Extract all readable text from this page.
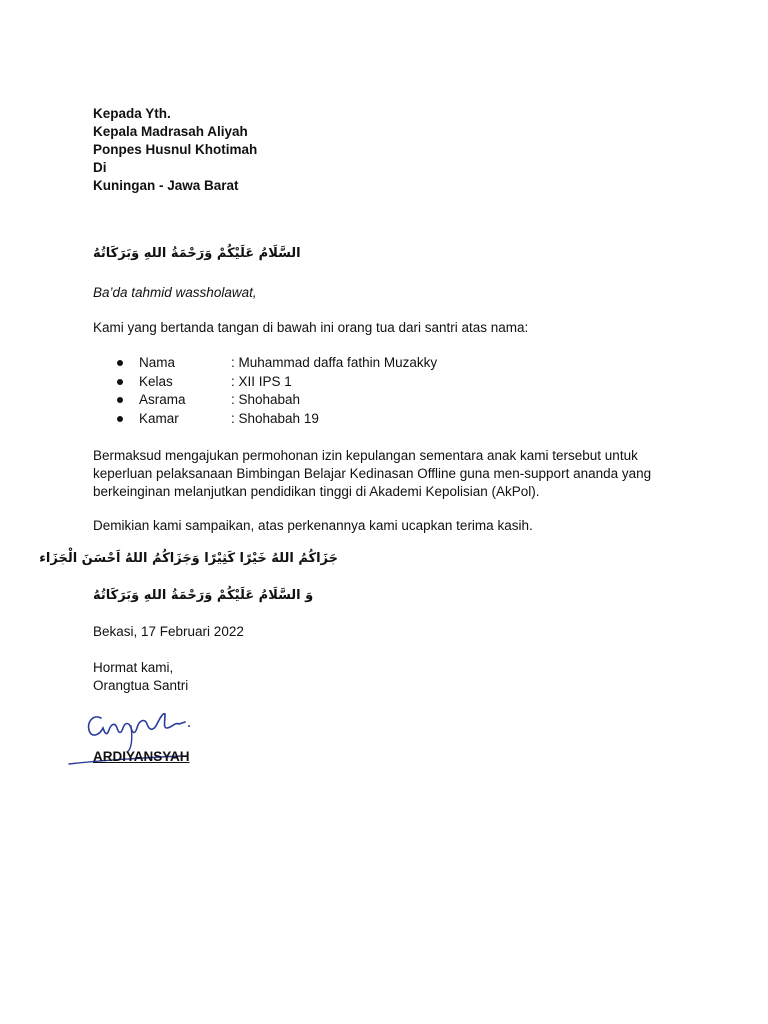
Kepada Yth.
Kepala Madrasah Aliyah
Ponpes Husnul Khotimah
Di
Kuningan - Jawa Barat
السَّلَامُ عَلَيْكُمْ وَرَحْمَةُ اللهِ وَبَرَكَاتُهُ
Ba’da tahmid wassholawat,
Kami yang bertanda tangan di bawah ini orang tua dari santri atas nama:
Nama	: Muhammad daffa fathin Muzakky
Kelas	: XII IPS 1
Asrama	: Shohabah
Kamar	: Shohabah 19
Bermaksud mengajukan permohonan izin kepulangan sementara anak kami tersebut untuk keperluan pelaksanaan Bimbingan Belajar Kedinasan Offline guna men-support ananda yang berkeinginan melanjutkan pendidikan tinggi di Akademi Kepolisian (AkPol).
Demikian kami sampaikan, atas perkenannya kami ucapkan terima kasih.
جَزَاكُمُ اللهُ خَيْرًا كَثِيْرًا وَجَزَاكُمُ اللهُ اَحْسَنَ الْجَزَاء
وَ السَّلَامُ عَلَيْكُمْ وَرَحْمَةُ اللهِ وَبَرَكَاتُهُ
Bekasi, 17 Februari 2022
Hormat kami,
Orangtua Santri
ARDIYANSYAH
